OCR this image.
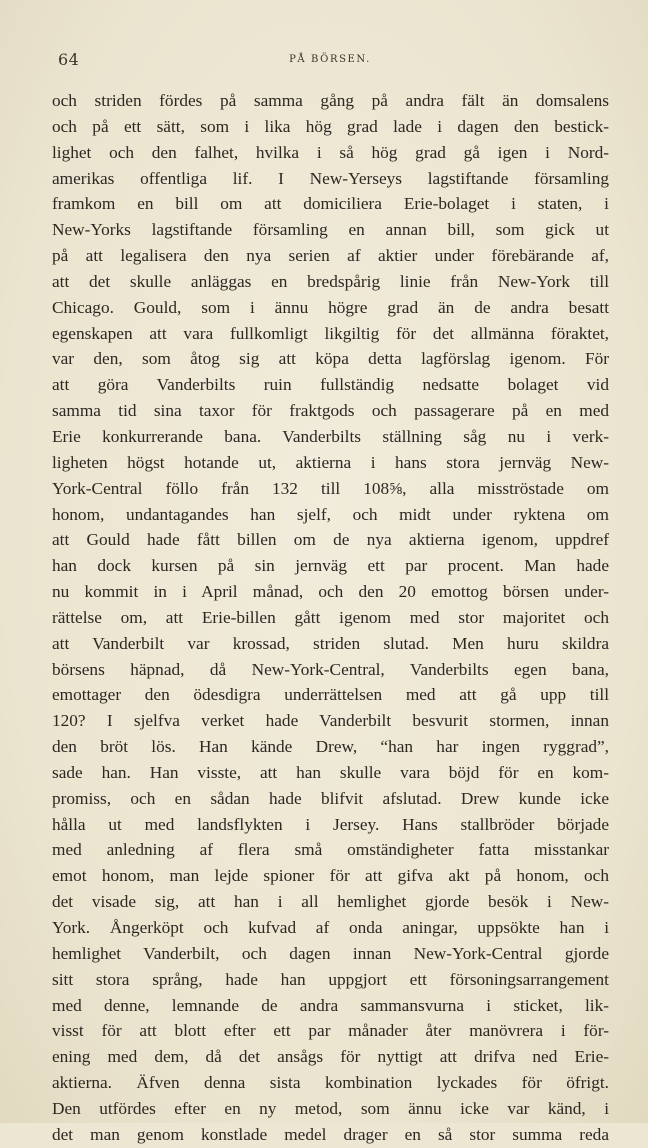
64	PÅ BÖRSEN.
och striden fördes på samma gång på andra fält än domsalens
och på ett sätt, som i lika hög grad lade i dagen den bestick-
lighet och den falhet, hvilka i så hög grad gå igen i Nord-
amerikas offentliga lif. I New-Yerseys lagstiftande församling
framkom en bill om att domiciliera Erie-bolaget i staten, i
New-Yorks lagstiftande församling en annan bill, som gick ut
på att legalisera den nya serien af aktier under förebärande af,
att det skulle anläggas en bredspårig linie från New-York till
Chicago. Gould, som i ännu högre grad än de andra besatt
egenskapen att vara fullkomligt likgiltig för det allmänna föraktet,
var den, som åtog sig att köpa detta lagförslag igenom. För
att göra Vanderbilts ruin fullständig nedsatte bolaget vid
samma tid sina taxor för fraktgods och passagerare på en med
Erie konkurrerande bana. Vanderbilts ställning såg nu i verk-
ligheten högst hotande ut, aktierna i hans stora jernväg New-
York-Central föllo från 132 till 108⅝, alla misströstade om
honom, undantagandes han sjelf, och midt under ryktena om
att Gould hade fått billen om de nya aktierna igenom, uppdref
han dock kursen på sin jernväg ett par procent. Man hade
nu kommit in i April månad, och den 20 emottog börsen under-
rättelse om, att Erie-billen gått igenom med stor majoritet och
att Vanderbilt var krossad, striden slutad. Men huru skildra
börsens häpnad, då New-York-Central, Vanderbilts egen bana,
emottager den ödesdigra underrättelsen med att gå upp till
120? I sjelfva verket hade Vanderbilt besvurit stormen, innan
den bröt lös. Han kände Drew, “han har ingen ryggrad”,
sade han. Han visste, att han skulle vara böjd för en kom-
promiss, och en sådan hade blifvit afslutad. Drew kunde icke
hålla ut med landsflykten i Jersey. Hans stallbröder började
med anledning af flera små omständigheter fatta misstankar
emot honom, man lejde spioner för att gifva akt på honom, och
det visade sig, att han i all hemlighet gjorde besök i New-
York. Ångerköpt och kufvad af onda aningar, uppsökte han i
hemlighet Vanderbilt, och dagen innan New-York-Central gjorde
sitt stora språng, hade han uppgjort ett försoningsarrangement
med denne, lemnande de andra sammansvurna i sticket, lik-
visst för att blott efter ett par månader åter manövrera i för-
ening med dem, då det ansågs för nyttigt att drifva ned Erie-
aktierna. Äfven denna sista kombination lyckades för öfrigt.
Den utfördes efter en ny metod, som ännu icke var känd, i
det man genom konstlade medel drager en så stor summa reda
